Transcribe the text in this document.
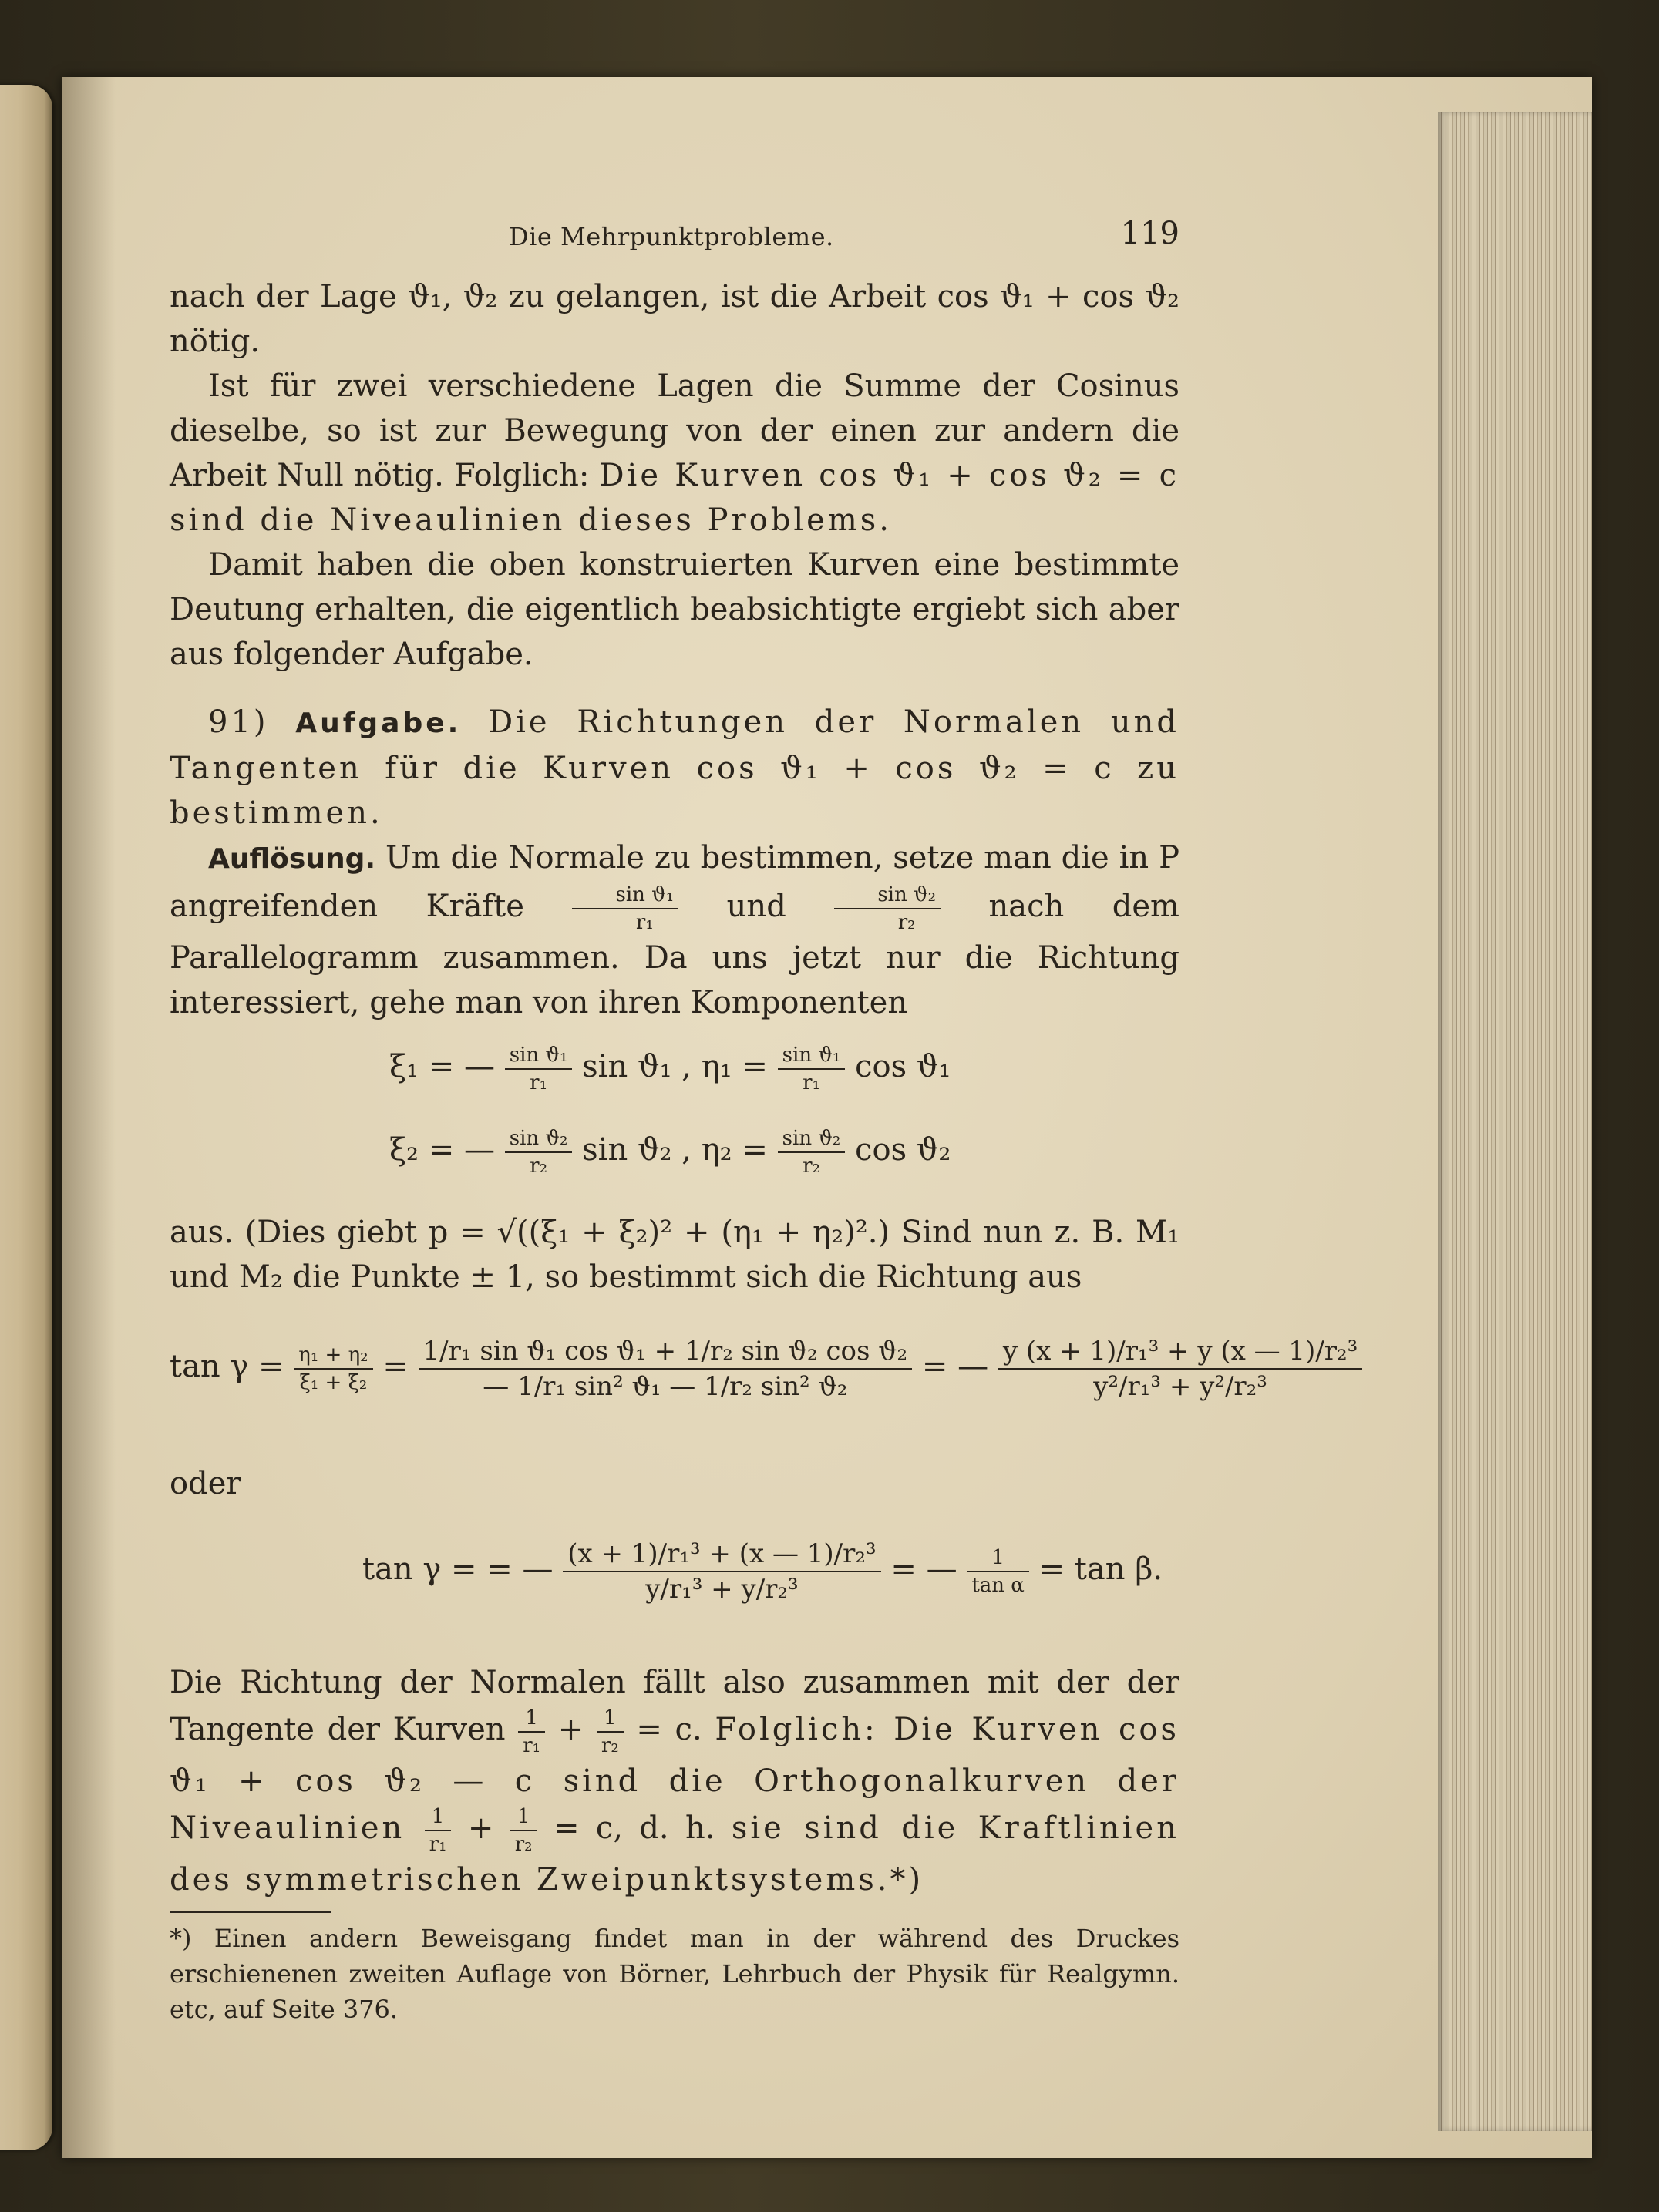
Die Mehrpunktprobleme.	119

nach der Lage ϑ₁, ϑ₂ zu gelangen, ist die Arbeit cos ϑ₁ + cos ϑ₂ nötig.

Ist für zwei verschiedene Lagen die Summe der Cosinus dieselbe, so ist zur Bewegung von der einen zur andern die Arbeit Null nötig. Folglich: Die Kurven cos ϑ₁ + cos ϑ₂ = c sind die Niveaulinien dieses Problems.

Damit haben die oben konstruierten Kurven eine bestimmte Deutung erhalten, die eigentlich beabsichtigte ergiebt sich aber aus folgender Aufgabe.

91) Aufgabe. Die Richtungen der Normalen und Tangenten für die Kurven cos ϑ₁ + cos ϑ₂ = c zu bestimmen.

Auflösung. Um die Normale zu bestimmen, setze man die in P angreifenden Kräfte $\frac{\text{sin ϑ₁}}{\text{r₁}}$ und $\frac{\text{sin ϑ₂}}{\text{r₂}}$ nach dem Parallelogramm zusammen. Da uns jetzt nur die Richtung interessiert, gehe man von ihren Komponenten

ξ₁ = — $\frac{\text{sin ϑ₁}}{\text{r₁}}$ sin ϑ₁ , $\eta_1 = \frac{\text{sin ϑ₁}}{\text{r₁}}$ cos ϑ₁
ξ₂ = — $\frac{\text{sin ϑ₂}}{\text{r₂}}$ sin ϑ₂ , $\eta_2 = \frac{\text{sin ϑ₂}}{\text{r₂}}$ cos ϑ₂

aus. (Dies giebt p = √((ξ₁ + ξ₂)² + (η₁ + η₂)².) Sind nun z. B. M₁ und M₂ die Punkte ± 1, so bestimmt sich die Richtung aus

$\tan \gamma = \frac{\text{η₁ + η₂}}{\text{ξ₁ + ξ₂}} = \frac{\text{1/r₁ sin ϑ₁ cos ϑ₁ + 1/r₂ sin ϑ₂ cos ϑ₂}}{\text{— 1/r₁ sin² ϑ₁ — 1/r₂ sin² ϑ₂}}$ = — $\frac{\text{y (x + 1)/r₁³ + y (x — 1)/r₂³}}{\text{y²/r₁³ + y²/r₂³}}$

oder

tan γ = = — $\frac{\text{(x + 1)/r₁³ + (x — 1)/r₂³}}{\text{y/r₁³ + y/r₂³}}$ = — $\frac{1}{\text{tan α}} = \tan \beta$.

Die Richtung der Normalen fällt also zusammen mit der der Tangente der Kurven $\frac{1}{\text{r₁}} + \frac{1}{\text{r₂}} = c$. Folglich: Die Kurven cos ϑ₁ + cos ϑ₂ — c sind die Orthogonalkurven der Niveaulinien $\frac{1}{\text{r₁}} + \frac{1}{\text{r₂}} = c$, d. h. sie sind die Kraftlinien des symmetrischen Zweipunktsystems.*)

*) Einen andern Beweisgang findet man in der während des Druckes erschienenen zweiten Auflage von Börner, Lehrbuch der Physik für Realgymn. etc, auf Seite 376.
